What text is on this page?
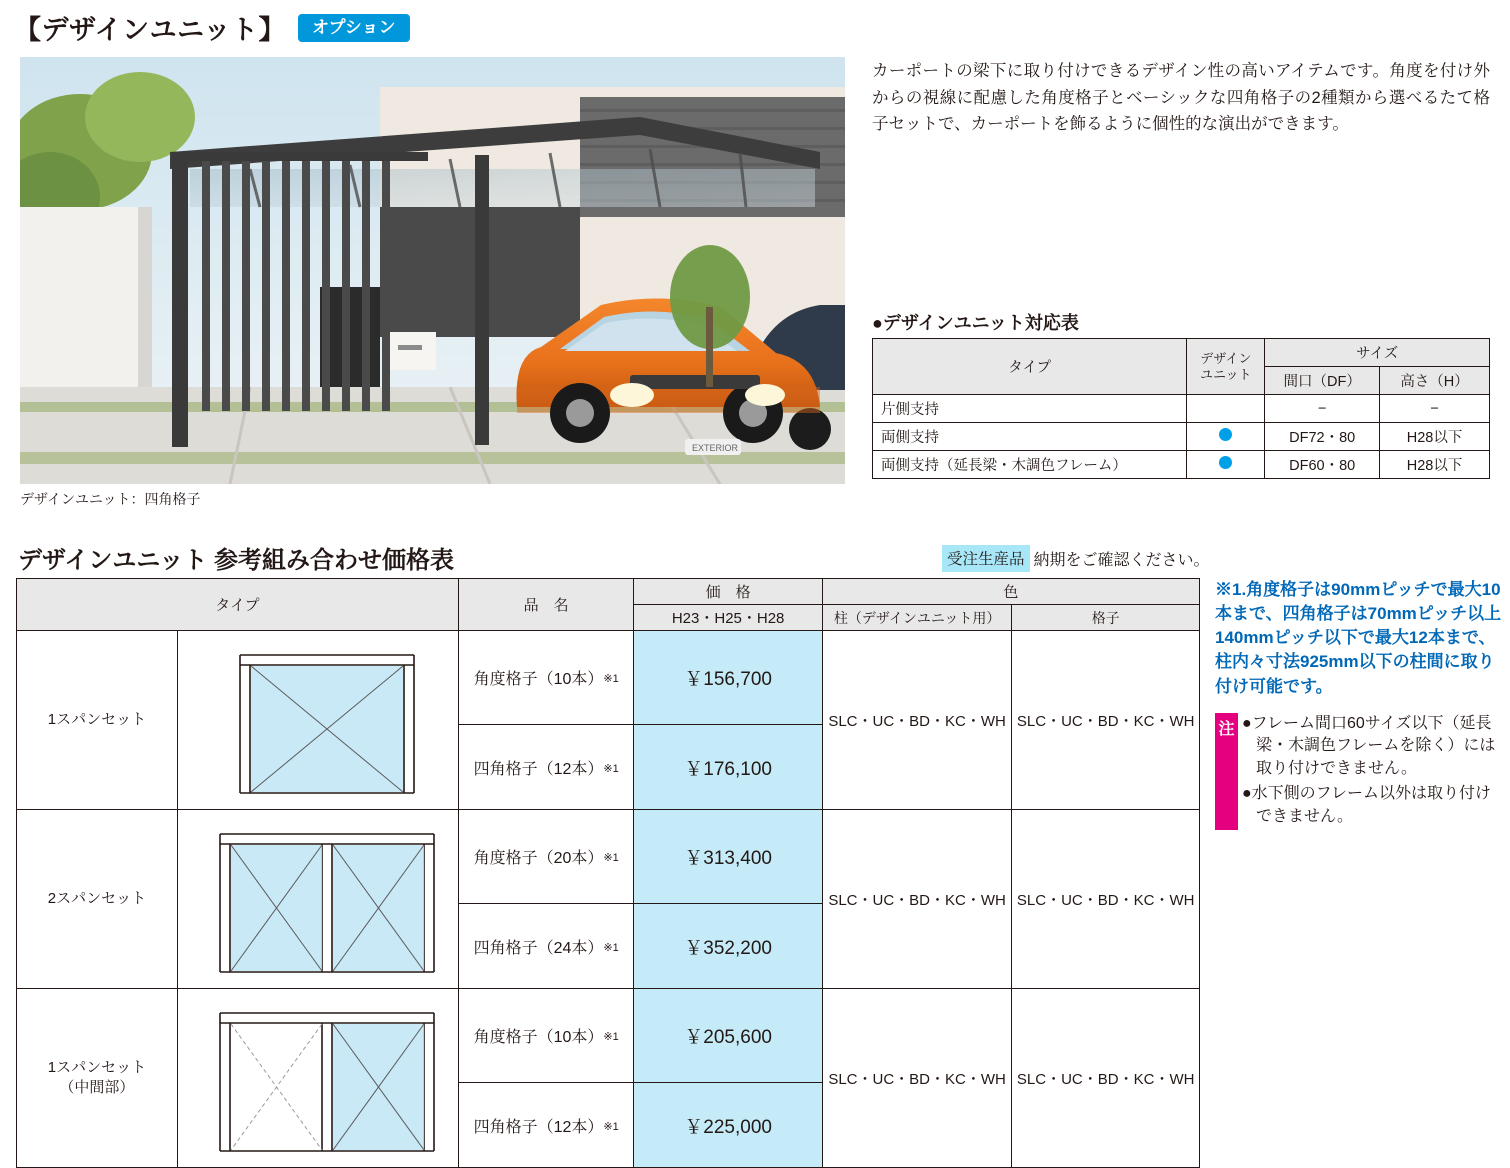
【デザインユニット】	オプション
EXTERIOR
デザインユニット：四角格子
カーポートの梁下に取り付けできるデザイン性の高いアイテムです。角度を付け外からの視線に配慮した角度格子とベーシックな四角格子の2種類から選べるたて格子セットで、カーポートを飾るように個性的な演出ができます。
●デザインユニット対応表
タイプ	デザイン
ユニット	サイズ	
		間口（DF）	高さ（H）
片側支持		−	−
両側支持		DF72・80	H28以下
両側支持（延長梁・木調色フレーム）		DF60・80	H28以下
デザインユニット 参考組み合わせ価格表	受注生産品 納期をご確認ください。
タイプ		品　名	価　格	色	
			H23・H25・H28	柱（デザインユニット用）	格子
1スパンセット		角度格子（10本）※1	￥156,700	SLC・UC・BD・KC・WH	SLC・UC・BD・KC・WH
		四角格子（12本）※1	￥176,100		
2スパンセット		角度格子（20本）※1	￥313,400	SLC・UC・BD・KC・WH	SLC・UC・BD・KC・WH
		四角格子（24本）※1	￥352,200		
1スパンセット
（中間部）		角度格子（10本）※1	￥205,600	SLC・UC・BD・KC・WH	SLC・UC・BD・KC・WH
		四角格子（12本）※1	￥225,000		
※1.角度格子は90mmピッチで最大10本まで、四角格子は70mmピッチ以上140mmピッチ以下で最大12本まで、柱内々寸法925mm以下の柱間に取り付け可能です。
注 ●フレーム間口60サイズ以下（延長梁・木調色フレームを除く）には取り付けできません。
●水下側のフレーム以外は取り付けできません。
